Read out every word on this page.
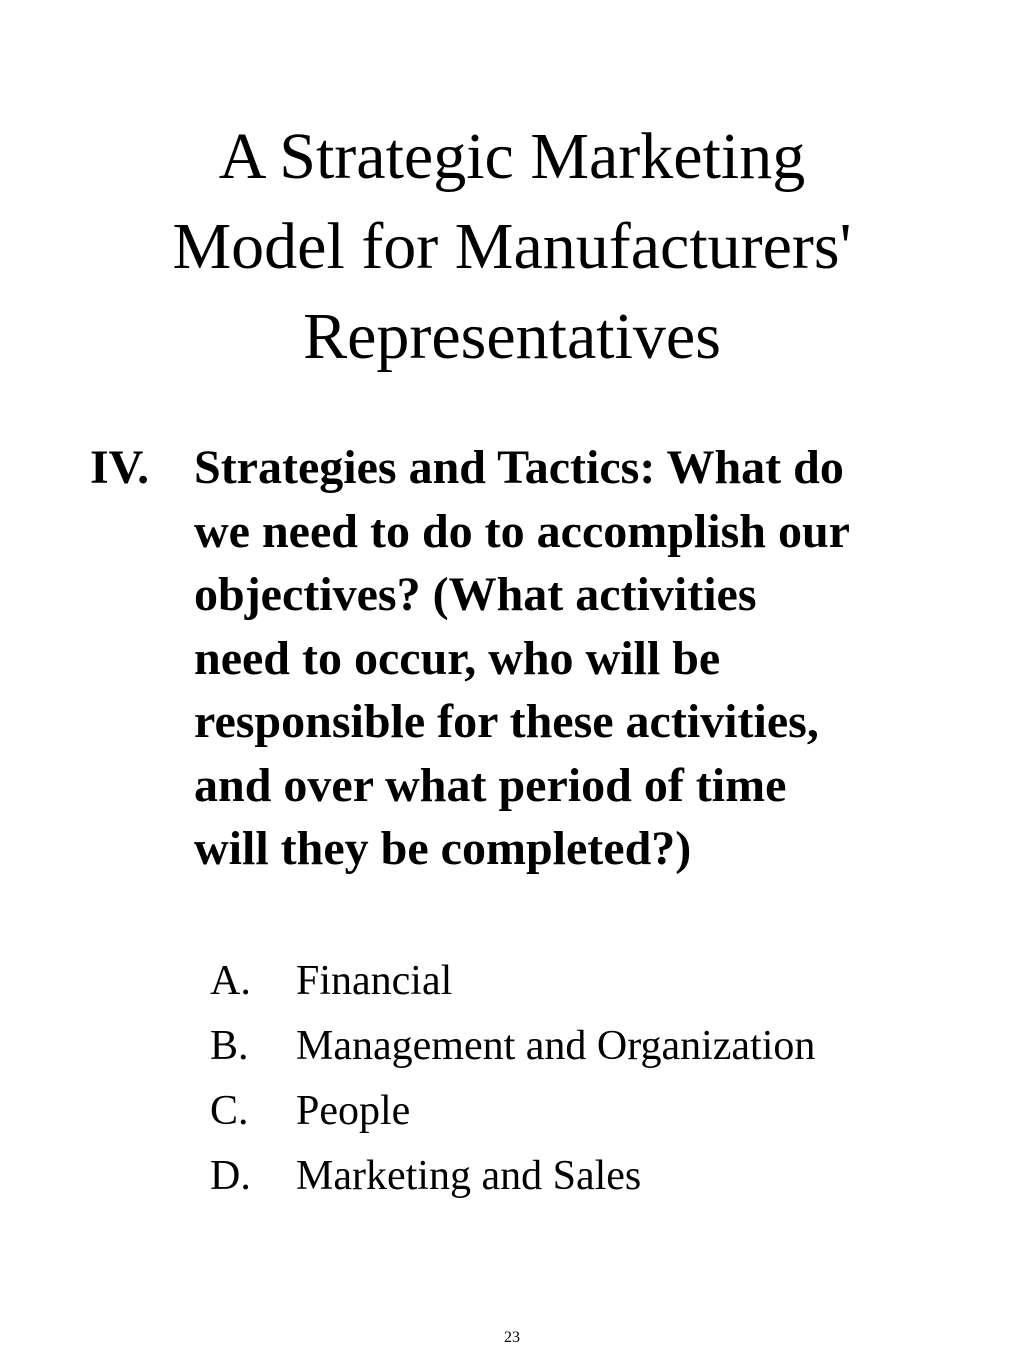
A Strategic Marketing
Model for Manufacturers'
Representatives
IV. Strategies and Tactics: What do
we need to do to accomplish our
objectives? (What activities
need to occur, who will be
responsible for these activities,
and over what period of time
will they be completed?)
A. Financial
B. Management and Organization
C. People
D. Marketing and Sales
23
